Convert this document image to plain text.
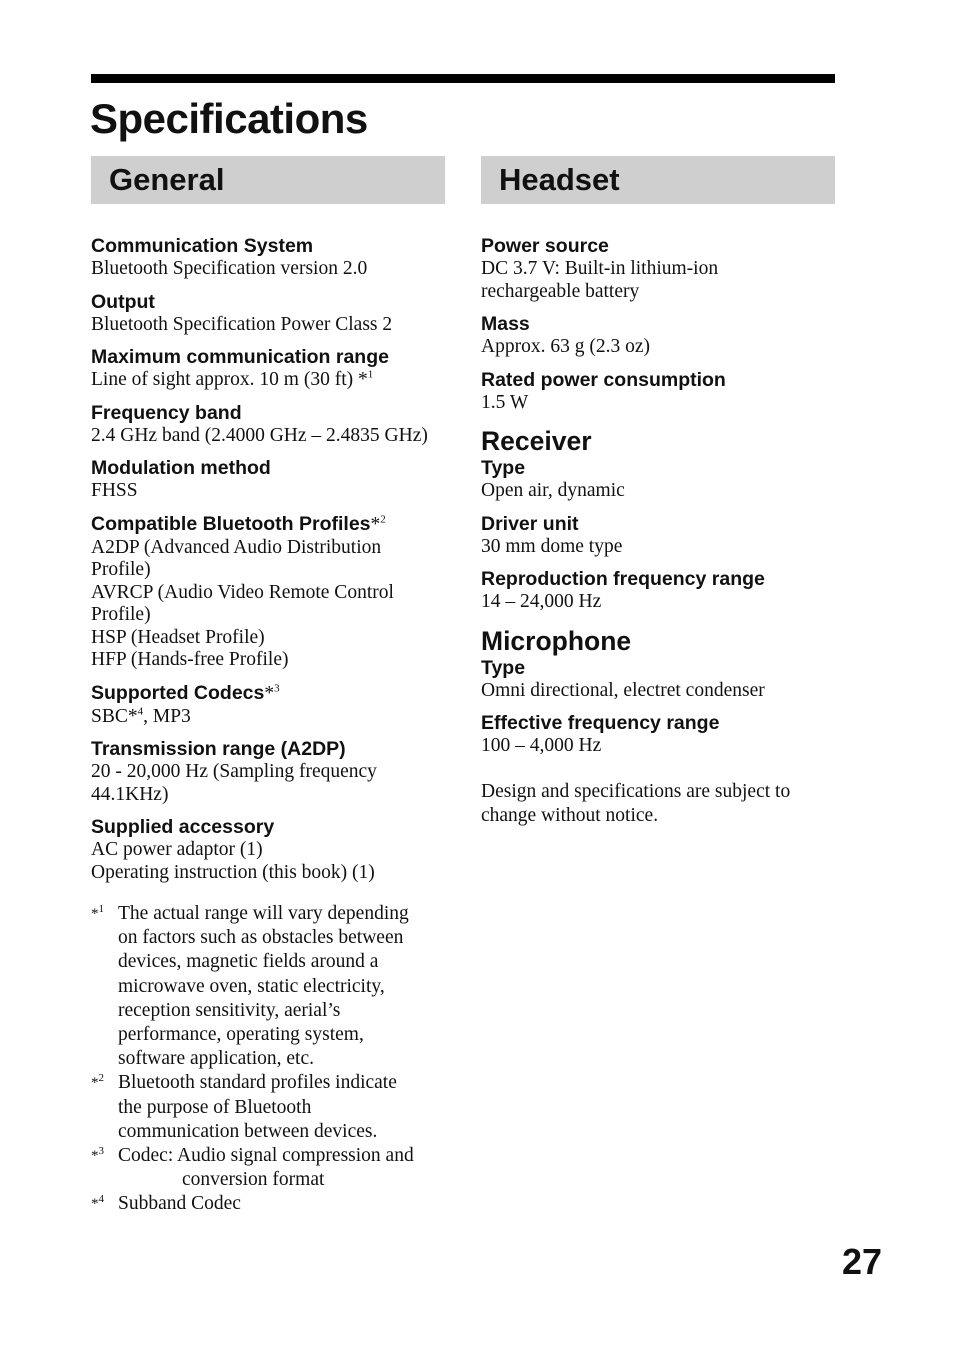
Specifications
General
Communication System
Bluetooth Specification version 2.0
Output
Bluetooth Specification Power Class 2
Maximum communication range
Line of sight approx. 10 m (30 ft) *$^1$
Frequency band
2.4 GHz band (2.4000 GHz – 2.4835 GHz)
Modulation method
FHSS
Compatible Bluetooth Profiles*$^2$
A2DP (Advanced Audio Distribution
Profile)
AVRCP (Audio Video Remote Control
Profile)
HSP (Headset Profile)
HFP (Hands-free Profile)
Supported Codecs*$^3$
SBC*$^4$, MP3
Transmission range (A2DP)
20 - 20,000 Hz (Sampling frequency
44.1KHz)
Supplied accessory
AC power adaptor (1)
Operating instruction (this book) (1)
*$^1$ The actual range will vary depending
on factors such as obstacles between
devices, magnetic fields around a
microwave oven, static electricity,
reception sensitivity, aerial’s
performance, operating system,
software application, etc.
*$^2$ Bluetooth standard profiles indicate
the purpose of Bluetooth
communication between devices.
*$^3$ Codec: Audio signal compression and
conversion format
*$^4$ Subband Codec
Headset
Power source
DC 3.7 V: Built-in lithium-ion
rechargeable battery
Mass
Approx. 63 g (2.3 oz)
Rated power consumption
1.5 W
Receiver
Type
Open air, dynamic
Driver unit
30 mm dome type
Reproduction frequency range
14 – 24,000 Hz
Microphone
Type
Omni directional, electret condenser
Effective frequency range
100 – 4,000 Hz
Design and specifications are subject to
change without notice.
27
